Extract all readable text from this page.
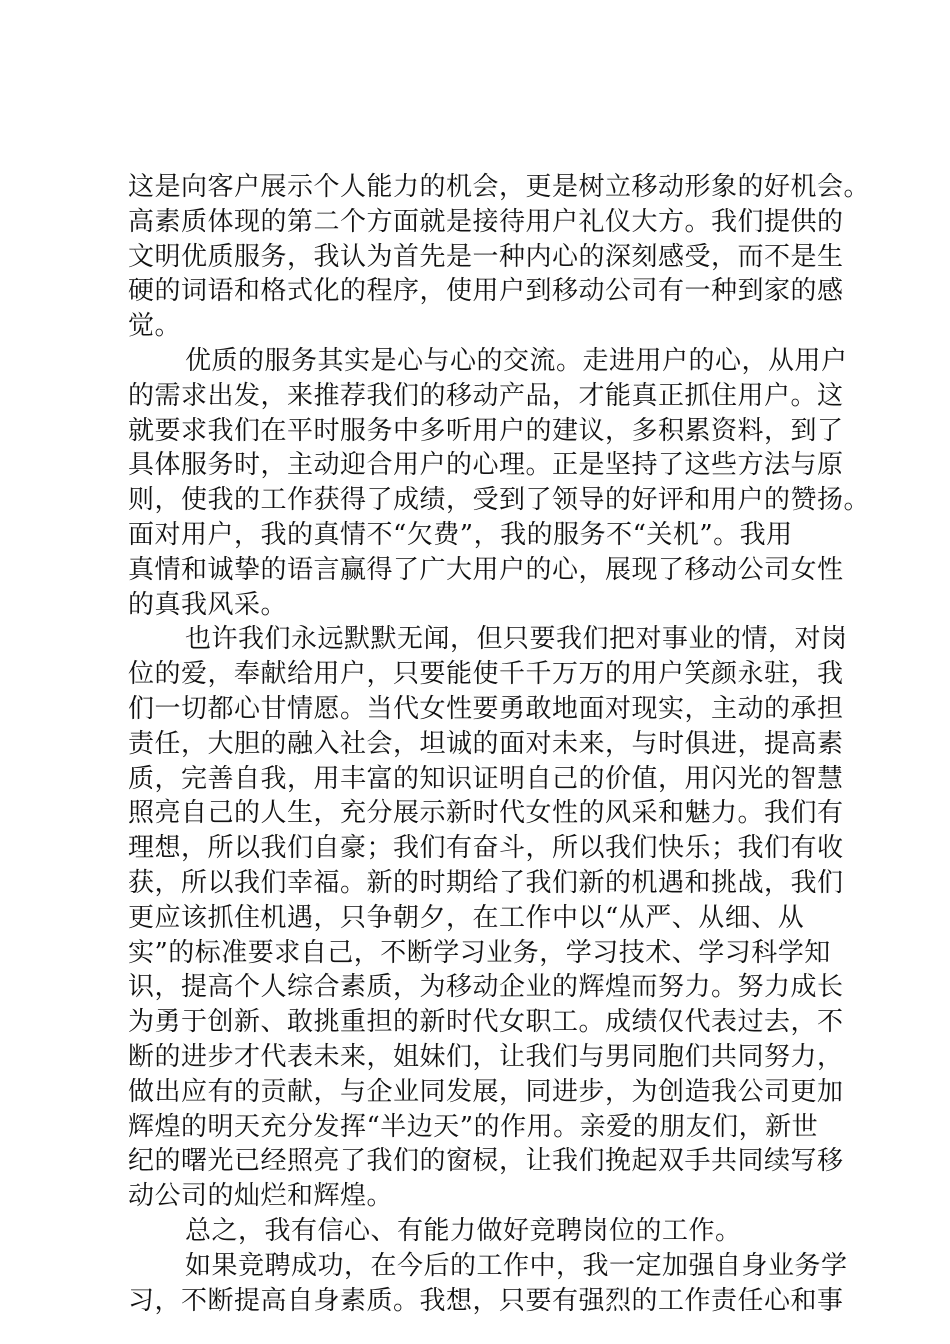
这是向客户展示个人能力的机会，更是树立移动形象的好机会。
高素质体现的第二个方面就是接待用户礼仪大方。我们提供的
文明优质服务，我认为首先是一种内心的深刻感受，而不是生
硬的词语和格式化的程序，使用户到移动公司有一种到家的感
觉。
优质的服务其实是心与心的交流。走进用户的心，从用户
的需求出发，来推荐我们的移动产品，才能真正抓住用户。这
就要求我们在平时服务中多听用户的建议，多积累资料，到了
具体服务时，主动迎合用户的心理。正是坚持了这些方法与原
则，使我的工作获得了成绩，受到了领导的好评和用户的赞扬。
面对用户，我的真情不“欠费”，我的服务不“关机”。我用
真情和诚挚的语言赢得了广大用户的心，展现了移动公司女性
的真我风采。
也许我们永远默默无闻，但只要我们把对事业的情，对岗
位的爱，奉献给用户，只要能使千千万万的用户笑颜永驻，我
们一切都心甘情愿。当代女性要勇敢地面对现实，主动的承担
责任，大胆的融入社会，坦诚的面对未来，与时俱进，提高素
质，完善自我，用丰富的知识证明自己的价值，用闪光的智慧
照亮自己的人生，充分展示新时代女性的风采和魅力。我们有
理想，所以我们自豪；我们有奋斗，所以我们快乐；我们有收
获，所以我们幸福。新的时期给了我们新的机遇和挑战，我们
更应该抓住机遇，只争朝夕，在工作中以“从严、从细、从
实”的标准要求自己，不断学习业务，学习技术、学习科学知
识，提高个人综合素质，为移动企业的辉煌而努力。努力成长
为勇于创新、敢挑重担的新时代女职工。成绩仅代表过去，不
断的进步才代表未来，姐妹们，让我们与男同胞们共同努力，
做出应有的贡献，与企业同发展，同进步，为创造我公司更加
辉煌的明天充分发挥“半边天”的作用。亲爱的朋友们，新世
纪的曙光已经照亮了我们的窗棂，让我们挽起双手共同续写移
动公司的灿烂和辉煌。
总之，我有信心、有能力做好竞聘岗位的工作。
如果竞聘成功，在今后的工作中，我一定加强自身业务学
习，不断提高自身素质。我想，只要有强烈的工作责任心和事
